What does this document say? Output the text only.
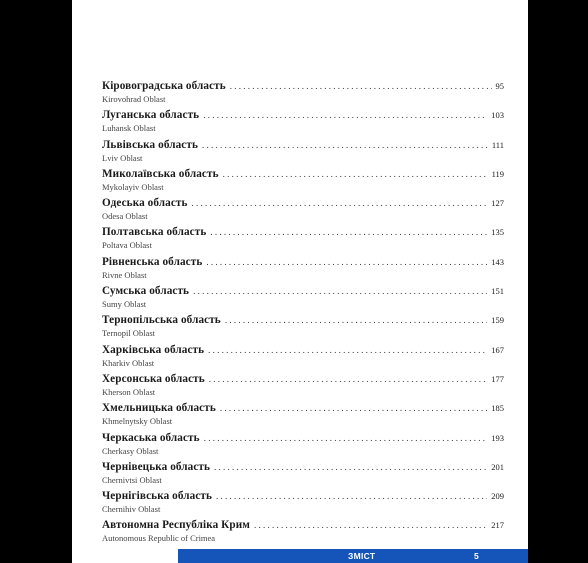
Кіровоградська область . . .	95
Kirovohrad Oblast
Луганська область . . .	103
Luhansk Oblast
Львівська область . . .	111
Lviv Oblast
Миколаївська область . . .	119
Mykolayiv Oblast
Одеська область . . .	127
Odesa Oblast
Полтавська область . . .	135
Poltava Oblast
Рівненська область . . .	143
Rivne Oblast
Сумська область . . .	151
Sumy Oblast
Тернопільська область . . .	159
Ternopil Oblast
Харківська область . . .	167
Kharkiv Oblast
Херсонська область . . .	177
Kherson Oblast
Хмельницька область . . .	185
Khmelnytsky Oblast
Черкаська область . . .	193
Cherkasy Oblast
Чернівецька область . . .	201
Chernivtsi Oblast
Чернігівська область . . .	209
Chernihiv Oblast
Автономна Республіка Крим . . .	217
Autonomous Republic of Crimea
ЗМІСТ	5
